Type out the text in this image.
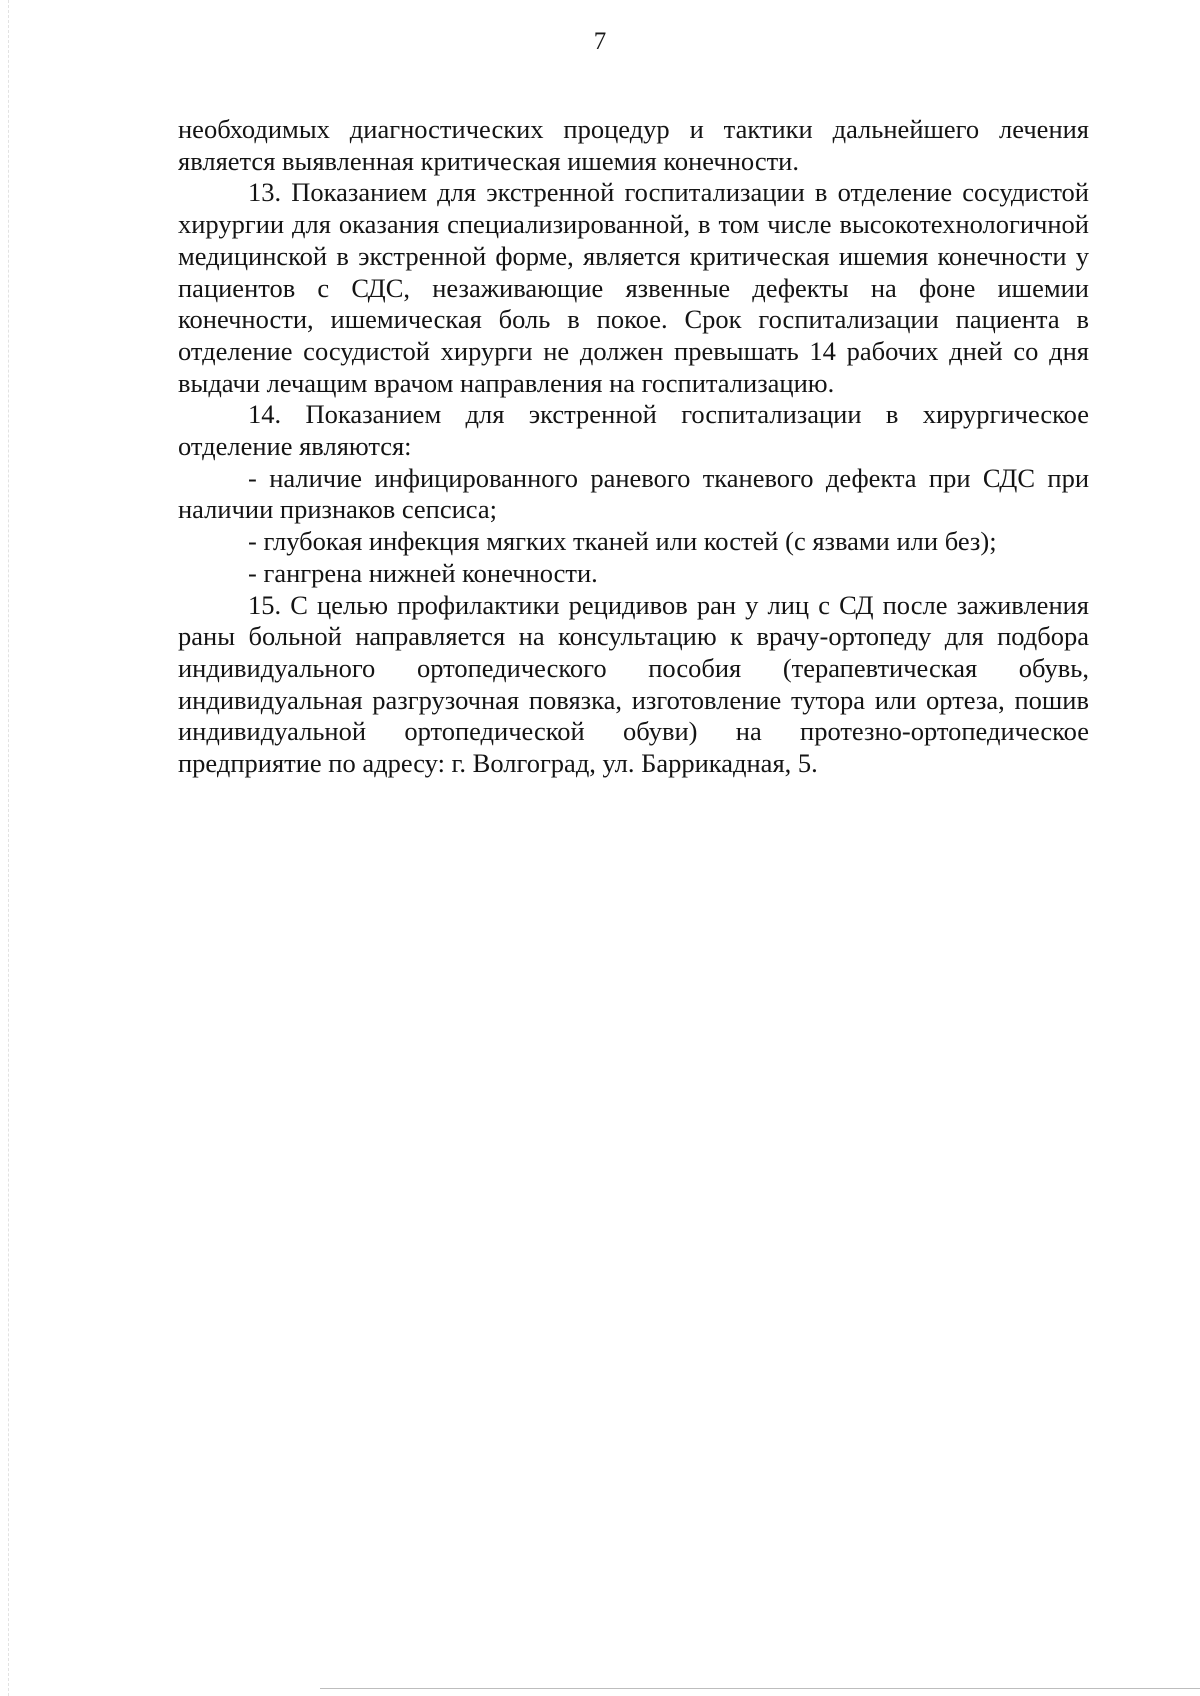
7

необходимых диагностических процедур и тактики дальнейшего лечения является выявленная критическая ишемия конечности.

13. Показанием для экстренной госпитализации в отделение сосудистой хирургии для оказания специализированной, в том числе высокотехнологичной медицинской в экстренной форме, является критическая ишемия конечности у пациентов с СДС, незаживающие язвенные дефекты на фоне ишемии конечности, ишемическая боль в покое. Срок госпитализации пациента в отделение сосудистой хирурги не должен превышать 14 рабочих дней со дня выдачи лечащим врачом направления на госпитализацию.

14. Показанием для экстренной госпитализации в хирургическое отделение являются:

- наличие инфицированного раневого тканевого дефекта при СДС при наличии признаков сепсиса;

- глубокая инфекция мягких тканей или костей (с язвами или без);

- гангрена нижней конечности.

15. С целью профилактики рецидивов ран у лиц с СД после заживления раны больной направляется на консультацию к врачу-ортопеду для подбора индивидуального ортопедического пособия (терапевтическая обувь, индивидуальная разгрузочная повязка, изготовление тутора или ортеза, пошив индивидуальной ортопедической обуви) на протезно-ортопедическое предприятие по адресу: г. Волгоград, ул. Баррикадная, 5.
